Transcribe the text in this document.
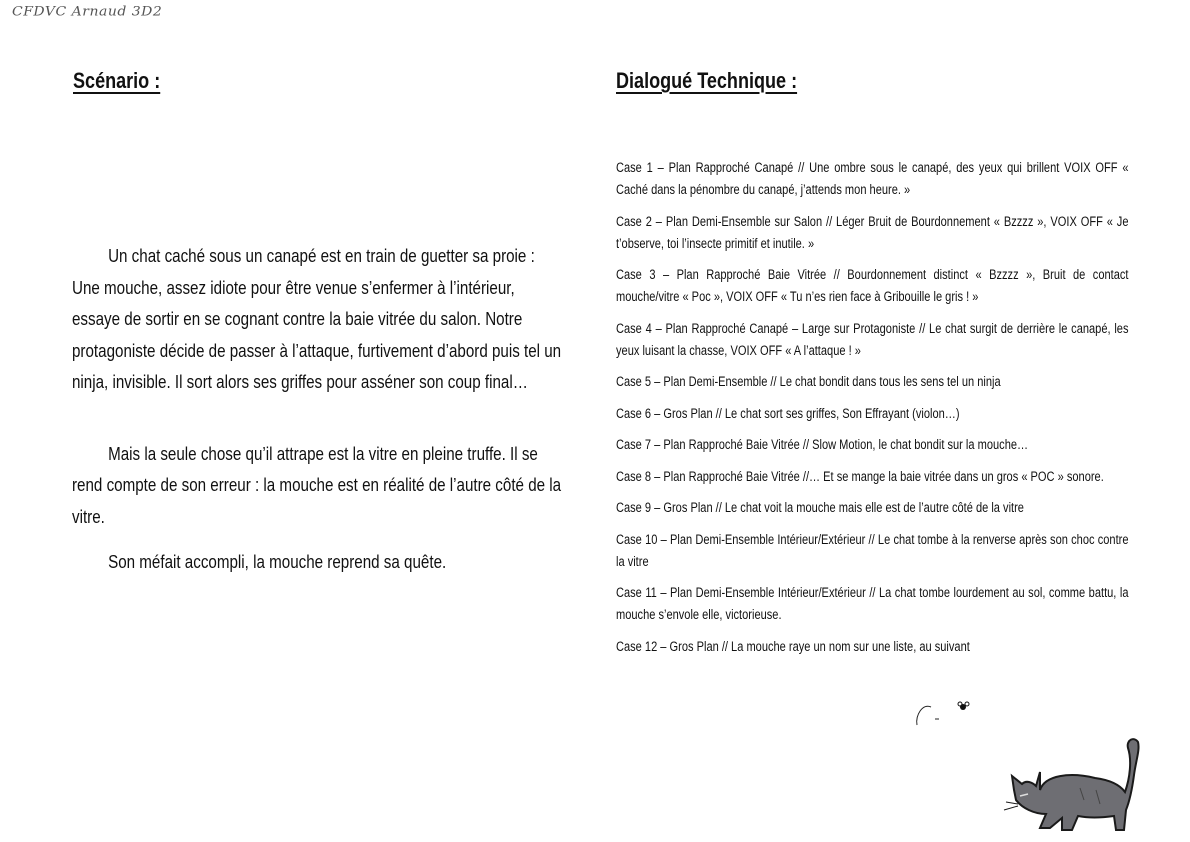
CFDVC Arnaud 3D2
Scénario :	Dialogué Technique :

Un chat caché sous un canapé est en train de guetter sa proie : Une mouche, assez idiote pour être venue s’enfermer à l’intérieur, essaye de sortir en se cognant contre la baie vitrée du salon. Notre protagoniste décide de passer à l’attaque, furtivement d’abord puis tel un ninja, invisible. Il sort alors ses griffes pour asséner son coup final…

Mais la seule chose qu’il attrape est la vitre en pleine truffe. Il se rend compte de son erreur : la mouche est en réalité de l’autre côté de la vitre.

Son méfait accompli, la mouche reprend sa quête.

Case 1 – Plan Rapproché Canapé // Une ombre sous le canapé, des yeux qui brillent VOIX OFF « Caché dans la pénombre du canapé, j’attends mon heure. »

Case 2 – Plan Demi-Ensemble sur Salon // Léger Bruit de Bourdonnement « Bzzzz », VOIX OFF « Je t’observe, toi l’insecte primitif et inutile. »

Case 3 – Plan Rapproché Baie Vitrée // Bourdonnement distinct « Bzzzz », Bruit de contact mouche/vitre « Poc », VOIX OFF « Tu n’es rien face à Gribouille le gris ! »

Case 4 – Plan Rapproché Canapé – Large sur Protagoniste // Le chat surgit de derrière le canapé, les yeux luisant la chasse, VOIX OFF « A l’attaque ! »

Case 5 – Plan Demi-Ensemble // Le chat bondit dans tous les sens tel un ninja

Case 6 – Gros Plan // Le chat sort ses griffes, Son Effrayant (violon…)

Case 7 – Plan Rapproché Baie Vitrée // Slow Motion, le chat bondit sur la mouche…

Case 8 – Plan Rapproché Baie Vitrée //… Et se mange la baie vitrée dans un gros « POC » sonore.

Case 9 – Gros Plan // Le chat voit la mouche mais elle est de l’autre côté de la vitre

Case 10 – Plan Demi-Ensemble Intérieur/Extérieur // Le chat tombe à la renverse après son choc contre la vitre

Case 11 – Plan Demi-Ensemble Intérieur/Extérieur // La chat tombe lourdement au sol, comme battu, la mouche s’envole elle, victorieuse.

Case 12 – Gros Plan // La mouche raye un nom sur une liste, au suivant
